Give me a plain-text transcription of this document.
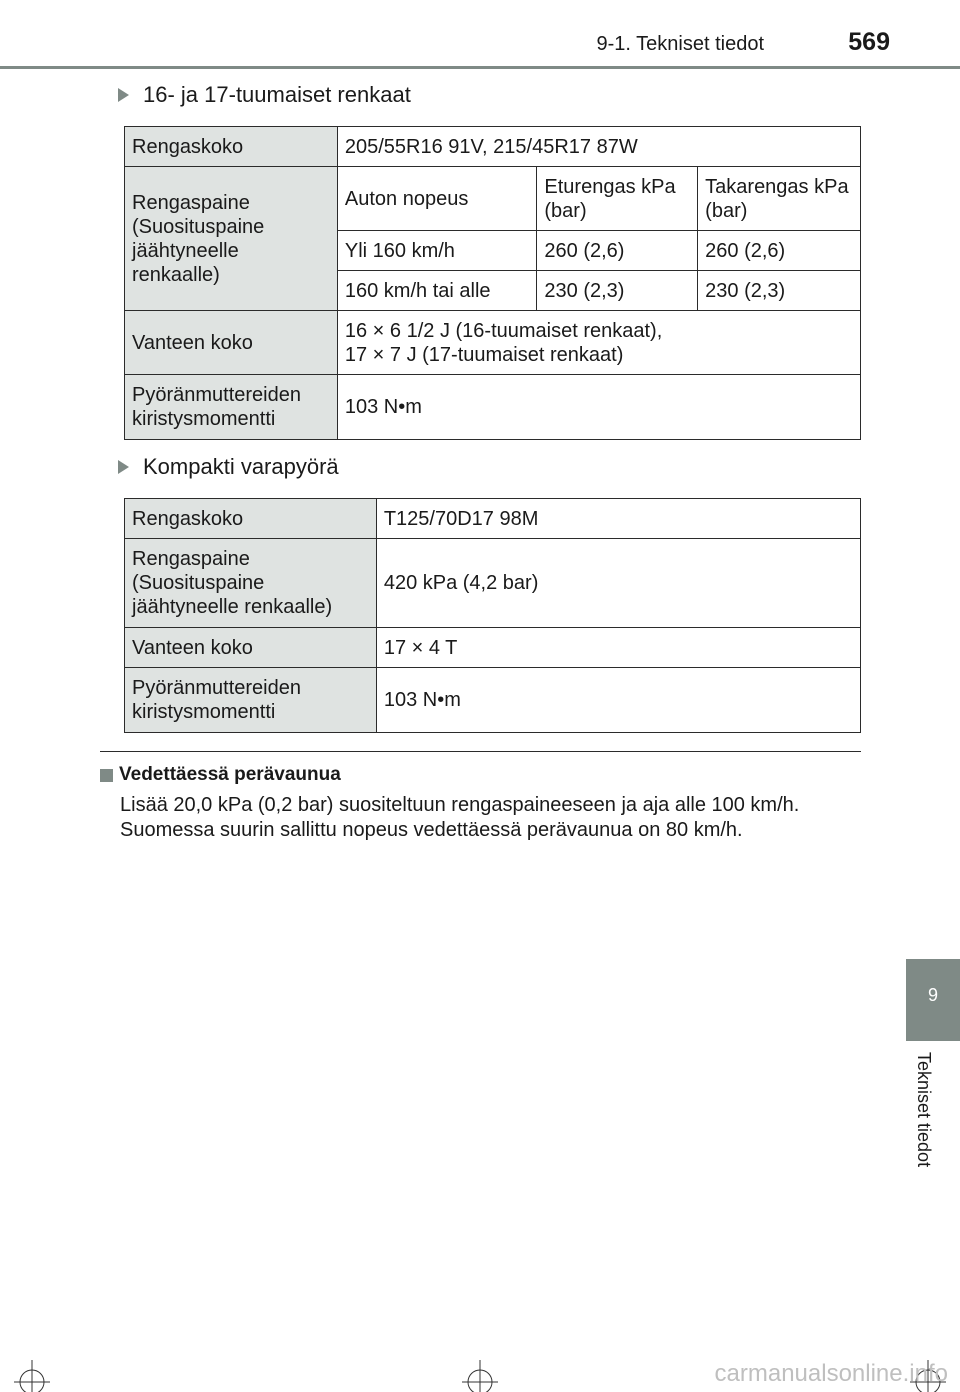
9-1. Tekniset tiedot	569
16- ja 17-tuumaiset renkaat
Rengaskoko	205/55R16 91V, 215/45R17 87W		
Rengaspaine (Suosituspaine jäähtyneelle renkaalle)	Auton nopeus	Eturengas kPa (bar)	Takarengas kPa (bar)
	Yli 160 km/h	260 (2,6)	260 (2,6)
	160 km/h tai alle	230 (2,3)	230 (2,3)
Vanteen koko	16 × 6 1/2 J (16-tuumaiset renkaat),
17 × 7 J (17-tuumaiset renkaat)		

Pyöränmuttereiden kiristysmomentti	103 N•m		
Kompakti varapyörä
Rengaskoko	T125/70D17 98M
Rengaspaine (Suosituspaine jäähtyneelle renkaalle)	420 kPa (4,2 bar)
Vanteen koko	17 × 4 T
Pyöränmuttereiden kiristysmomentti	103 N•m
Vedettäessä perävaunua
Lisää 20,0 kPa (0,2 bar) suositeltuun rengaspaineeseen ja aja alle 100 km/h.
Suomessa suurin sallittu nopeus vedettäessä perävaunua on 80 km/h.
9
Tekniset tiedot
carmanualsonline.info
